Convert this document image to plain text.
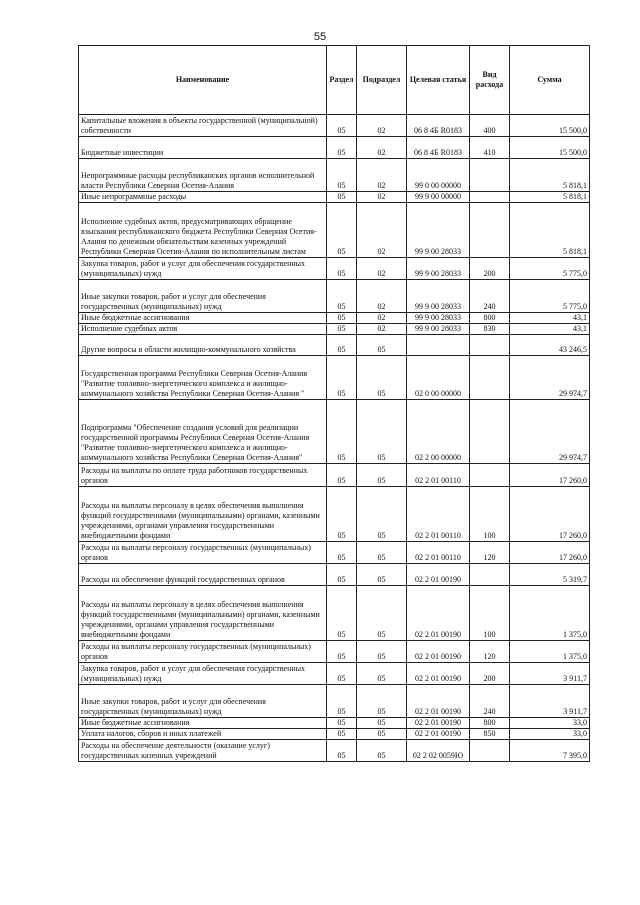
55
Наименование	Раздел	Подраздел	Целевая статья	Вид расхода	Сумма
Капитальные вложения в объекты государственной (муниципальной) собственности	05	02	06 8 4Б R0183	400	15 500,0
Бюджетные инвестиции	05	02	06 8 4Б R0183	410	15 500,0
Непрограммные расходы республиканских органов исполнительной власти Республики Северная Осетия-Алания	05	02	99 0 00 00000		5 818,1
Иные непрограммные расходы	05	02	99 9 00 00000		5 818,1
Исполнение судебных актов, предусматривающих обращение взыскания республиканского бюджета Республики Северная Осетия-Алания по денежным обязательствам казенных учреждений Республики Северная Осетия-Алания по исполнительным листам	05	02	99 9 00 28033		5 818,1
Закупка товаров, работ и услуг для обеспечения государственных (муниципальных) нужд	05	02	99 9 00 28033	200	5 775,0
Иные закупки товаров, работ и услуг для обеспечения государственных (муниципальных) нужд	05	02	99 9 00 28033	240	5 775,0
Иные бюджетные ассигнования	05	02	99 9 00 28033	800	43,1
Исполнение судебных актов	05	02	99 9 00 28033	830	43,1
Другие вопросы в области жилищно-коммунального хозяйства	05	05			43 246,5
Государственная программа Республики Северная Осетия-Алания "Развитие топливно-энергетического комплекса и жилищно-коммунального хозяйства Республики Северная Осетия-Алания "	05	05	02 0 00 00000		29 974,7
Подпрограмма "Обеспечение создания условий для реализации государственной программы Республики Северная Осетия-Алания "Развитие топливно-энергетического комплекса и жилищно-коммунального хозяйства Республики Северная Осетия-Алания"	05	05	02 2 00 00000		29 974,7
Расходы на выплаты по оплате труда работников государственных органов	05	05	02 2 01 00110		17 260,0
Расходы на выплаты персоналу в целях обеспечения выполнения функций государственными (муниципальными) органами, казенными учреждениями, органами управления государственными внебюджетными фондами	05	05	02 2 01 00110	100	17 260,0
Расходы на выплаты персоналу государственных (муниципальных) органов	05	05	02 2 01 00110	120	17 260,0
Расходы на обеспечение функций государственных органов	05	05	02 2 01 00190		5 319,7
Расходы на выплаты персоналу в целях обеспечения выполнения функций государственными (муниципальными) органами, казенными учреждениями, органами управления государственными внебюджетными фондами	05	05	02 2 01 00190	100	1 375,0
Расходы на выплаты персоналу государственных (муниципальных) органов	05	05	02 2 01 00190	120	1 375,0
Закупка товаров, работ и услуг для обеспечения государственных (муниципальных) нужд	05	05	02 2 01 00190	200	3 911,7
Иные закупки товаров, работ и услуг для обеспечения государственных (муниципальных) нужд	05	05	02 2 01 00190	240	3 911,7
Иные бюджетные ассигнования	05	05	02 2 01 00190	800	33,0
Уплата налогов, сборов и иных платежей	05	05	02 2 01 00190	850	33,0
Расходы на обеспечение деятельности (оказание услуг) государственных казенных учреждений	05	05	02 2 02 0059Ю		7 395,0
